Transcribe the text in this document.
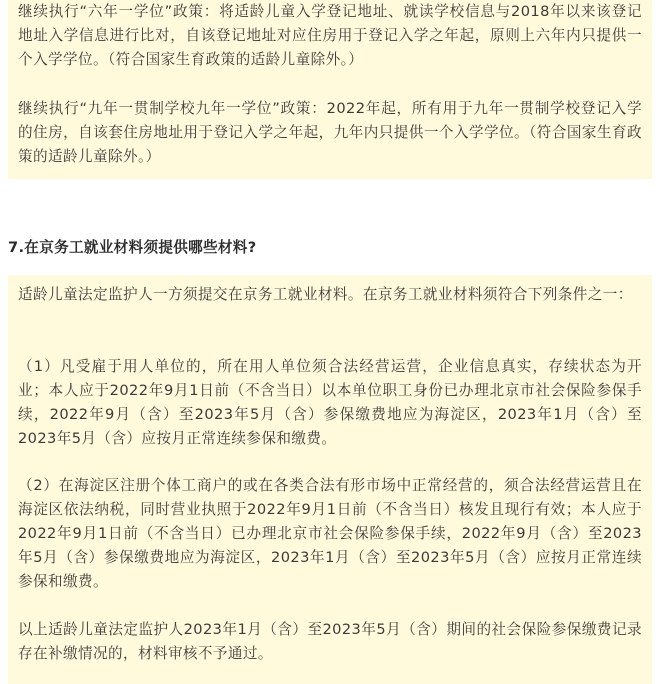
继续执行“六年一学位”政策：将适龄儿童入学登记地址、就读学校信息与2018年以来该登记地址入学信息进行比对，自该登记地址对应住房用于登记入学之年起，原则上六年内只提供一个入学学位。（符合国家生育政策的适龄儿童除外。）

继续执行“九年一贯制学校九年一学位”政策：2022年起，所有用于九年一贯制学校登记入学的住房，自该套住房地址用于登记入学之年起，九年内只提供一个入学学位。（符合国家生育政策的适龄儿童除外。）

7.在京务工就业材料须提供哪些材料?

适龄儿童法定监护人一方须提交在京务工就业材料。在京务工就业材料须符合下列条件之一：

（1）凡受雇于用人单位的，所在用人单位须合法经营运营，企业信息真实，存续状态为开业；本人应于2022年9月1日前（不含当日）以本单位职工身份已办理北京市社会保险参保手续，2022年9月（含）至2023年5月（含）参保缴费地应为海淀区，2023年1月（含）至2023年5月（含）应按月正常连续参保和缴费。

（2）在海淀区注册个体工商户的或在各类合法有形市场中正常经营的，须合法经营运营且在海淀区依法纳税，同时营业执照于2022年9月1日前（不含当日）核发且现行有效；本人应于2022年9月1日前（不含当日）已办理北京市社会保险参保手续，2022年9月（含）至2023年5月（含）参保缴费地应为海淀区，2023年1月（含）至2023年5月（含）应按月正常连续参保和缴费。

以上适龄儿童法定监护人2023年1月（含）至2023年5月（含）期间的社会保险参保缴费记录存在补缴情况的，材料审核不予通过。
